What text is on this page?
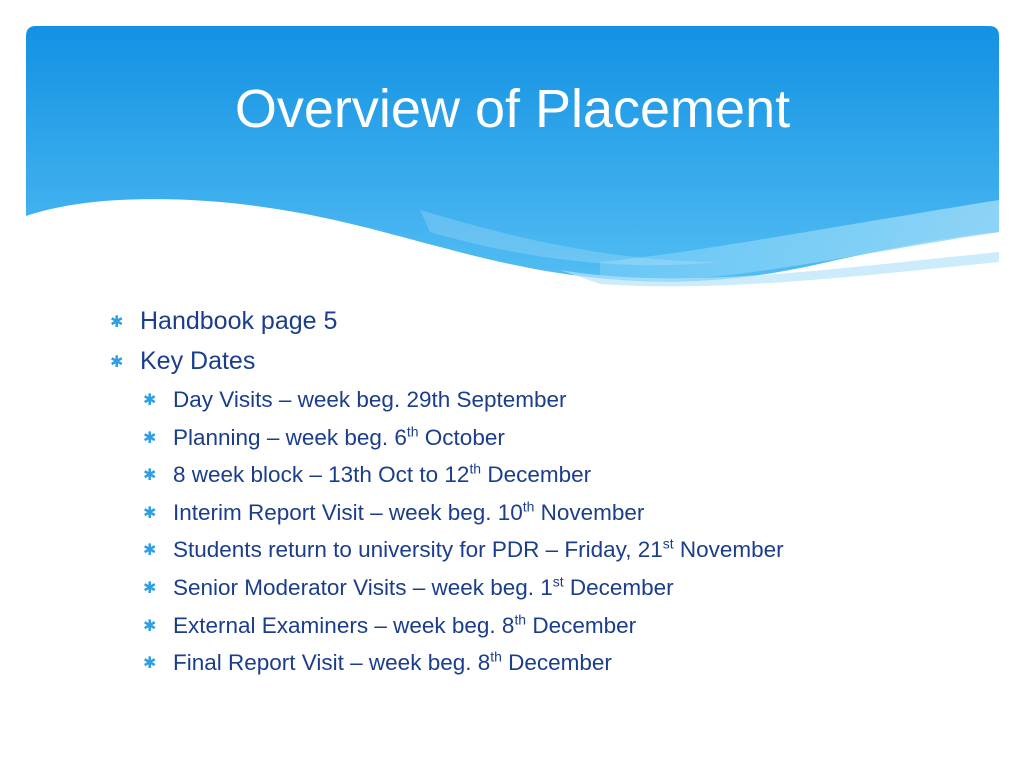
Overview of Placement
✱ Handbook page 5
✱ Key Dates
✱ Day Visits – week beg. 29th September
✱ Planning – week beg. 6th October
✱ 8 week block – 13th Oct to 12th December
✱ Interim Report Visit – week beg. 10th November
✱ Students return to university for PDR – Friday, 21st November
✱ Senior Moderator Visits – week beg. 1st December
✱ External Examiners – week beg. 8th December
✱ Final Report Visit – week beg. 8th December
